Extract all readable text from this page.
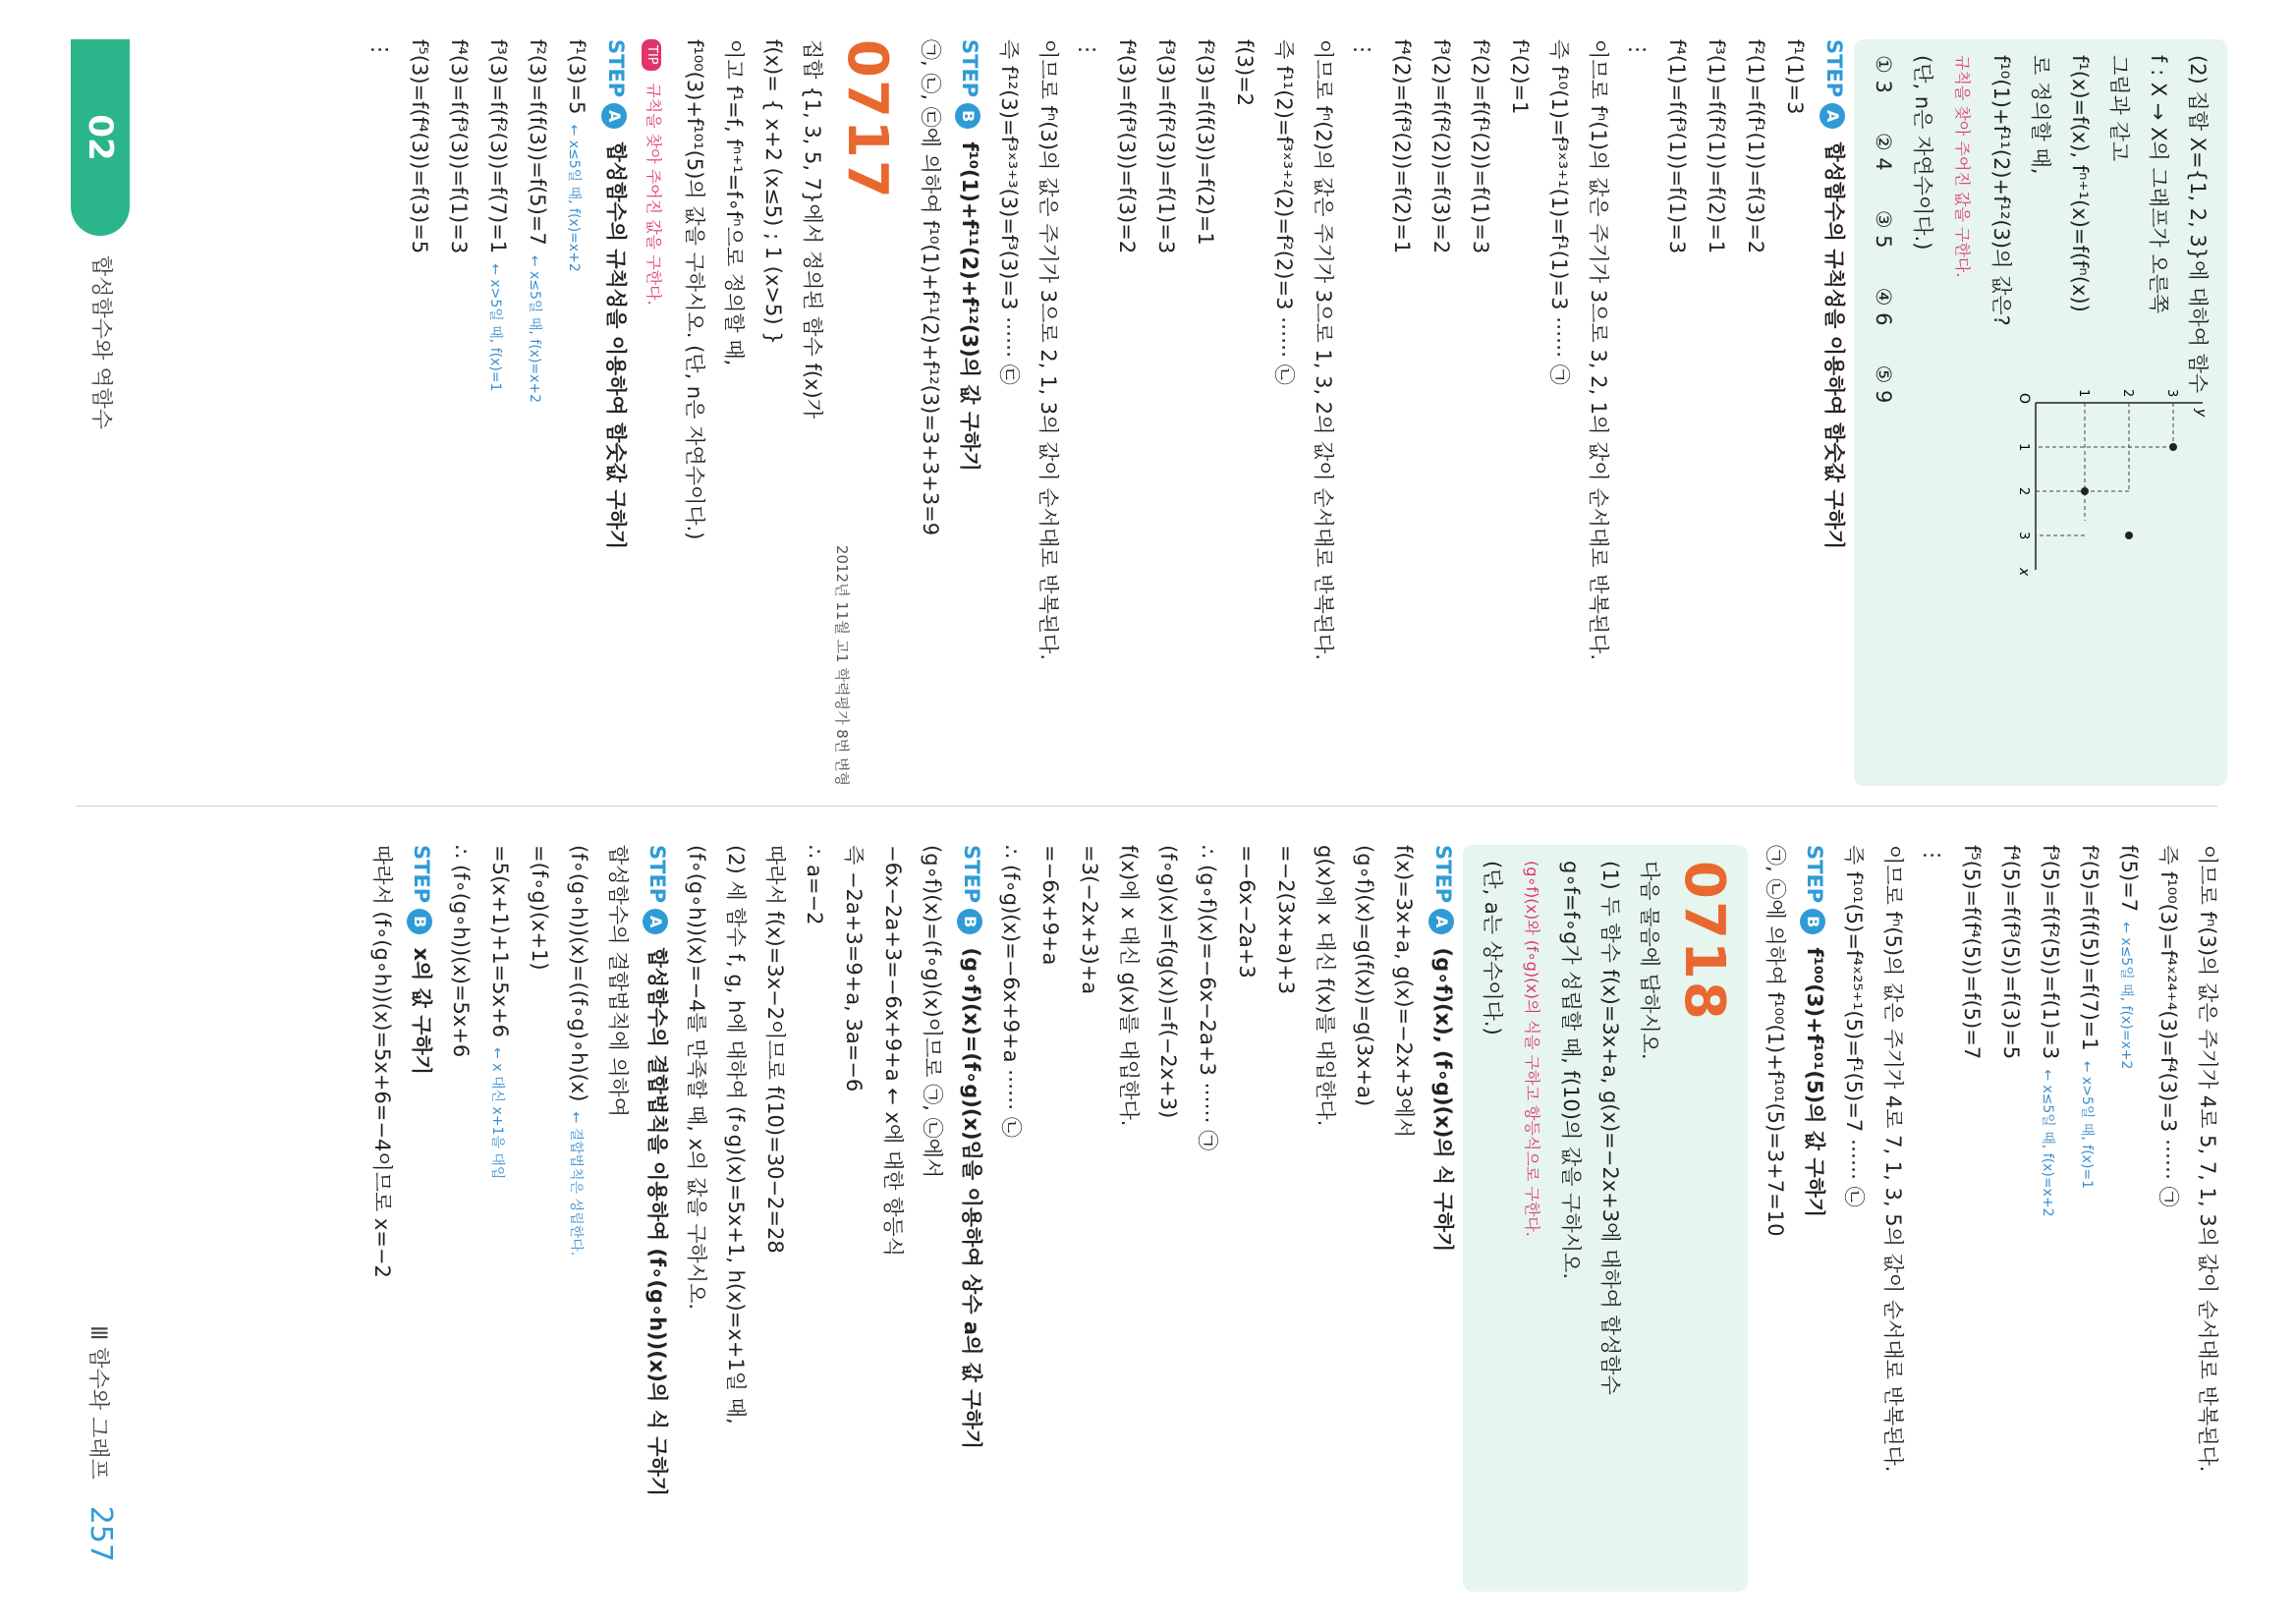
(2) 집합 X={1, 2, 3}에 대하여 함수
f : X → X의 그래프가 오른쪽
그림과 같고
f¹(x)=f(x), fⁿ⁺¹(x)=f(fⁿ(x))
로 정의할 때,
f¹⁰(1)+f¹¹(2)+f¹²(3)의 값은?
규칙을 찾아 주어진 값을 구한다.
(단, n은 자연수이다.)
① 3
② 4
③ 5
④ 6
⑤ 9	O
x
y
1
2
3
1 2 3
STEPA 합성함수의 규칙성을 이용하여 함숫값 구하기
f¹(1)=3
f²(1)=f(f¹(1))=f(3)=2
f³(1)=f(f²(1))=f(2)=1
f⁴(1)=f(f³(1))=f(1)=3
⋮
이므로 fⁿ(1)의 값은 주기가 3으로 3, 2, 1의 값이 순서대로 반복된다.
즉 f¹⁰(1)=f³ˣ³⁺¹(1)=f¹(1)=3 ⋯⋯ ㉠
f¹(2)=1
f²(2)=f(f¹(2))=f(1)=3
f³(2)=f(f²(2))=f(3)=2
f⁴(2)=f(f³(2))=f(2)=1
⋮
이므로 fⁿ(2)의 값은 주기가 3으로 1, 3, 2의 값이 순서대로 반복된다.
즉 f¹¹(2)=f³ˣ³⁺²(2)=f²(2)=3 ⋯⋯ ㉡
f(3)=2
f²(3)=f(f(3))=f(2)=1
f³(3)=f(f²(3))=f(1)=3
f⁴(3)=f(f³(3))=f(3)=2
⋮
이므로 fⁿ(3)의 값은 주기가 3으로 2, 1, 3의 값이 순서대로 반복된다.
즉 f¹²(3)=f³ˣ³⁺³(3)=f³(3)=3 ⋯⋯ ㉢
STEPB f¹⁰(1)+f¹¹(2)+f¹²(3)의 값 구하기
㉠, ㉡, ㉢에 의하여 f¹⁰(1)+f¹¹(2)+f¹²(3)=3+3+3=9
0717
2012년 11월 고1 학력평가 8번 변형
집합 {1, 3, 5, 7}에서 정의된 함수 f(x)가
f(x)= { x+2 (x≤5) ; 1 (x>5) }
이고 f¹=f, fⁿ⁺¹=f∘fⁿ으로 정의할 때,
f¹⁰⁰(3)+f¹⁰¹(5)의 값을 구하시오. (단, n은 자연수이다.)
TIP 규칙을 찾아 주어진 값을 구한다.
STEPA 합성함수의 규칙성을 이용하여 함숫값 구하기
f¹(3)=5← x≤5일 때, f(x)=x+2
f²(3)=f(f(3))=f(5)=7← x≤5일 때, f(x)=x+2
f³(3)=f(f²(3))=f(7)=1← x>5일 때, f(x)=1
f⁴(3)=f(f³(3))=f(1)=3
f⁵(3)=f(f⁴(3))=f(3)=5
⋮
이므로 fⁿ(3)의 값은 주기가 4로 5, 7, 1, 3의 값이 순서대로 반복된다.
즉 f¹⁰⁰(3)=f⁴ˣ²⁴⁺⁴(3)=f⁴(3)=3 ⋯⋯ ㉠
f(5)=7← x≤5일 때, f(x)=x+2
f²(5)=f(f(5))=f(7)=1← x>5일 때, f(x)=1
f³(5)=f(f²(5))=f(1)=3← x≤5일 때, f(x)=x+2
f⁴(5)=f(f³(5))=f(3)=5
f⁵(5)=f(f⁴(5))=f(5)=7
⋮
이므로 fⁿ(5)의 값은 주기가 4로 7, 1, 3, 5의 값이 순서대로 반복된다.
즉 f¹⁰¹(5)=f⁴ˣ²⁵⁺¹(5)=f¹(5)=7 ⋯⋯ ㉡
STEPB f¹⁰⁰(3)+f¹⁰¹(5)의 값 구하기
㉠, ㉡에 의하여 f¹⁰⁰(1)+f¹⁰¹(5)=3+7=10
0718
다음 물음에 답하시오.
(1) 두 함수 f(x)=3x+a, g(x)=−2x+3에 대하여 합성함수
g∘f=f∘g가 성립할 때, f(10)의 값을 구하시오.
(g∘f)(x)와 (f∘g)(x)의 식을 구하고 항등식으로 구한다.
(단, a는 상수이다.)
STEPA (g∘f)(x), (f∘g)(x)의 식 구하기
f(x)=3x+a, g(x)=−2x+3에서
(g∘f)(x)=g(f(x))=g(3x+a)
g(x)에 x 대신 f(x)를 대입한다.
=−2(3x+a)+3
=−6x−2a+3
∴ (g∘f)(x)=−6x−2a+3 ⋯⋯ ㉠
(f∘g)(x)=f(g(x))=f(−2x+3)
f(x)에 x 대신 g(x)를 대입한다.
=3(−2x+3)+a
=−6x+9+a
∴ (f∘g)(x)=−6x+9+a ⋯⋯ ㉡
STEPB (g∘f)(x)=(f∘g)(x)임을 이용하여 상수 a의 값 구하기
(g∘f)(x)=(f∘g)(x)이므로 ㉠, ㉡에서
−6x−2a+3=−6x+9+a ← x에 대한 항등식
즉 −2a+3=9+a, 3a=−6
∴ a=−2
따라서 f(x)=3x−2이므로 f(10)=30−2=28
(2) 세 함수 f, g, h에 대하여 (f∘g)(x)=5x+1, h(x)=x+1일 때,
(f∘(g∘h))(x)=−4를 만족할 때, x의 값을 구하시오.
STEPA 합성함수의 결합법칙을 이용하여 (f∘(g∘h))(x)의 식 구하기
합성함수의 결합법칙에 의하여
(f∘(g∘h))(x)=((f∘g)∘h)(x)← 결합법칙은 성립한다.
=(f∘g)(x+1)
=5(x+1)+1=5x+6← x 대신 x+1을 대입
∴ (f∘(g∘h))(x)=5x+6
STEPB x의 값 구하기
따라서 (f∘(g∘h))(x)=5x+6=−4이므로 x=−2
02
합성함수와 역함수
Ⅲ 함수와 그래프 257
